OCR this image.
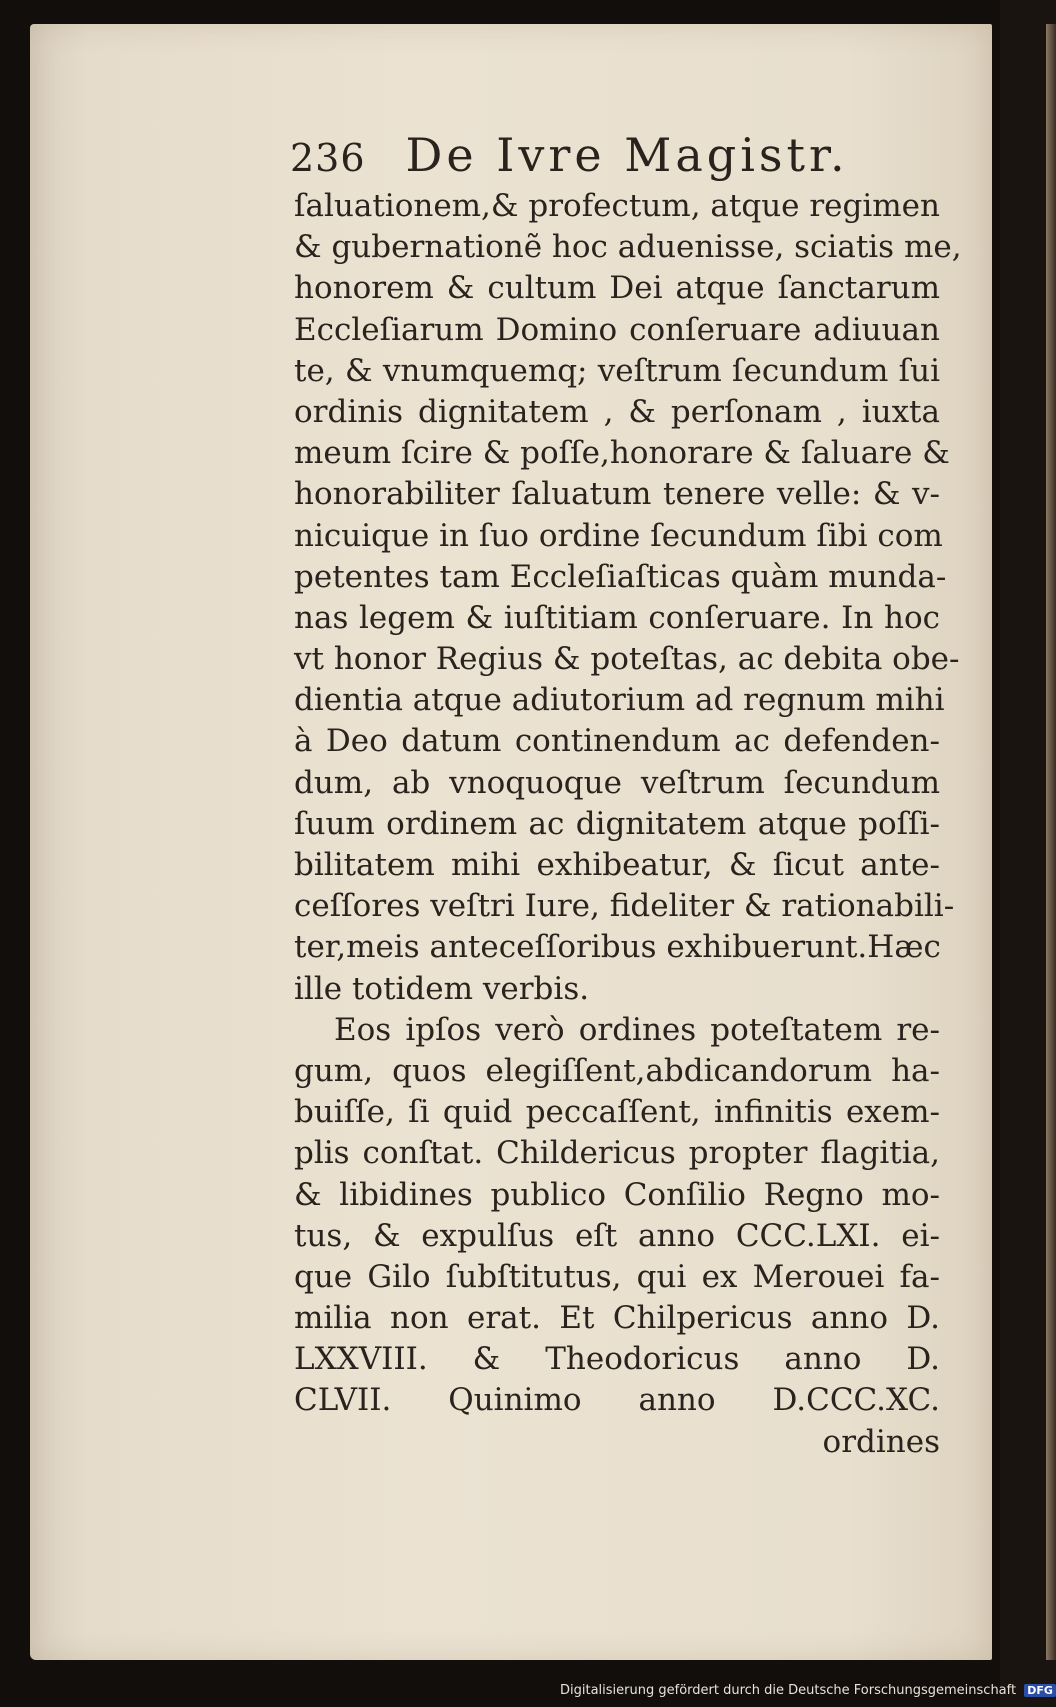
236 De Ivre Magistr.
ſaluationem,& profectum, atque regimen
& gubernationẽ hoc aduenisse, sciatis me,
honorem & cultum Dei atque ſanctarum
Eccleſiarum Domino conſeruare adiuuan
te, & vnumquemq; veſtrum ſecundum ſui
ordinis dignitatem , & perſonam , iuxta
meum ſcire & poſſe,honorare & ſaluare &
honorabiliter ſaluatum tenere velle: & v-
nicuique in ſuo ordine ſecundum ſibi com
petentes tam Eccleſiaſticas quàm munda-
nas legem & iuſtitiam conſeruare. In hoc
vt honor Regius & poteſtas, ac debita obe-
dientia atque adiutorium ad regnum mihi
à Deo datum continendum ac defenden-
dum, ab vnoquoque veſtrum ſecundum
ſuum ordinem ac dignitatem atque poſſi-
bilitatem mihi exhibeatur, & ſicut ante-
ceſſores veſtri Iure, fideliter & rationabili-
ter,meis anteceſſoribus exhibuerunt.Hæc
ille totidem verbis.
Eos ipſos verò ordines poteſtatem re-
gum, quos elegiſſent,abdicandorum ha-
buiſſe, ſi quid peccaſſent, infinitis exem-
plis conſtat. Childericus propter flagitia,
& libidines publico Conſilio Regno mo-
tus, & expulſus eſt anno CCC.LXI. ei-
que Gilo ſubſtitutus, qui ex Merouei fa-
milia non erat. Et Chilpericus anno D.
LXXVIII. & Theodoricus anno D.
CLVII. Quinimo anno D.CCC.XC.
ordines
Digitalisierung gefördert durch die Deutsche Forschungsgemeinschaft DFG
